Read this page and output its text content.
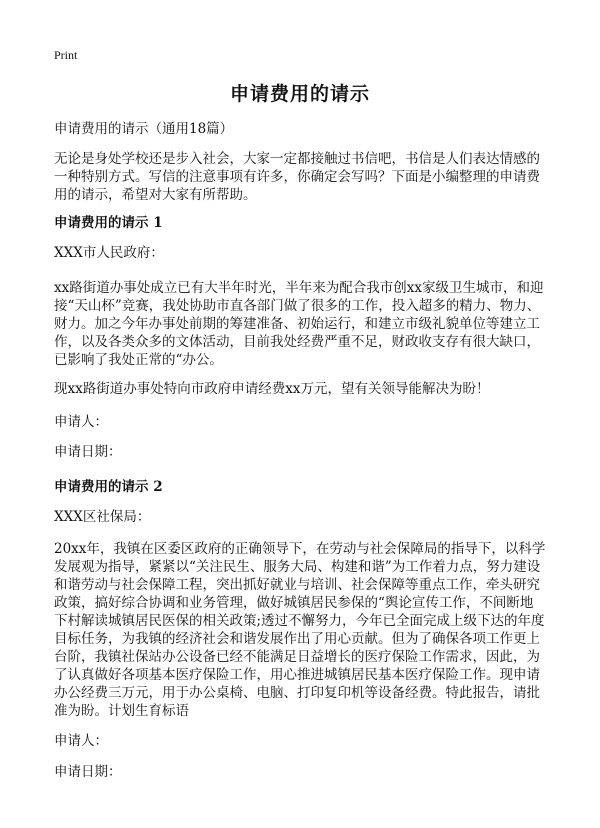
Print
申请费用的请示

申请费用的请示（通用18篇）

无论是身处学校还是步入社会，大家一定都接触过书信吧，书信是人们表达情感的一种特别方式。写信的注意事项有许多，你确定会写吗？下面是小编整理的申请费用的请示，希望对大家有所帮助。

申请费用的请示 1

XXX市人民政府：

xx路街道办事处成立已有大半年时光，半年来为配合我市创xx家级卫生城市，和迎接“天山杯”竞赛，我处协助市直各部门做了很多的工作，投入超多的精力、物力、财力。加之今年办事处前期的筹建准备、初始运行，和建立市级礼貌单位等建立工作，以及各类众多的文体活动，目前我处经费严重不足，财政收支存有很大缺口，已影响了我处正常的“办公。

现xx路街道办事处特向市政府申请经费xx万元，望有关领导能解决为盼！

申请人：

申请日期：

申请费用的请示 2

XXX区社保局：

20xx年，我镇在区委区政府的正确领导下，在劳动与社会保障局的指导下，以科学发展观为指导，紧紧以“关注民生、服务大局、构建和谐”为工作着力点，努力建设和谐劳动与社会保障工程，突出抓好就业与培训、社会保障等重点工作，牵头研究政策，搞好综合协调和业务管理，做好城镇居民参保的“舆论宣传工作，不间断地下村解读城镇居民医保的相关政策;透过不懈努力，今年已全面完成上级下达的年度目标任务，为我镇的经济社会和谐发展作出了用心贡献。但为了确保各项工作更上台阶，我镇社保站办公设备已经不能满足日益增长的医疗保险工作需求，因此，为了认真做好各项基本医疗保险工作，用心推进城镇居民基本医疗保险工作。现申请办公经费三万元，用于办公桌椅、电脑、打印复印机等设备经费。特此报告，请批准为盼。计划生育标语

申请人：

申请日期：
